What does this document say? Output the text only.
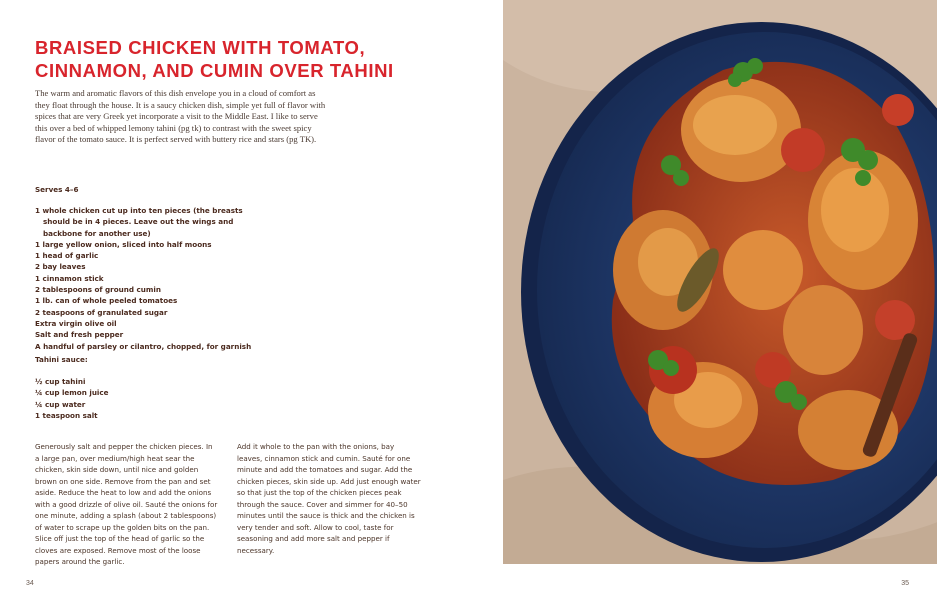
BRAISED CHICKEN WITH TOMATO,
CINNAMON, AND CUMIN OVER TAHINI

The warm and aromatic flavors of this dish envelope you in a cloud of comfort as they float through the house. It is a saucy chicken dish, simple yet full of flavor with spices that are very Greek yet incorporate a visit to the Middle East. I like to serve this over a bed of whipped lemony tahini (pg tk) to contrast with the sweet spicy flavor of the tomato sauce. It is perfect served with buttery rice and stars (pg TK).

Serves 4–6
1 whole chicken cut up into ten pieces (the breasts should be in 4 pieces. Leave out the wings and backbone for another use)
1 large yellow onion, sliced into half moons
1 head of garlic
2 bay leaves
1 cinnamon stick
2 tablespoons of ground cumin
1 lb. can of whole peeled tomatoes
2 teaspoons of granulated sugar
Extra virgin olive oil
Salt and fresh pepper
A handful of parsley or cilantro, chopped, for garnish
Tahini sauce:
½ cup tahini
¼ cup lemon juice
¼ cup water
1 teaspoon salt

Generously salt and pepper the chicken pieces. In a large pan, over medium/high heat sear the chicken, skin side down, until nice and golden brown on one side. Remove from the pan and set aside. Reduce the heat to low and add the onions with a good drizzle of olive oil. Sauté the onions for one minute, adding a splash (about 2 tablespoons) of water to scrape up the golden bits on the pan. Slice off just the top of the head of garlic so the cloves are exposed. Remove most of the loose papers around the garlic.

Add it whole to the pan with the onions, bay leaves, cinnamon stick and cumin. Sauté for one minute and add the tomatoes and sugar. Add the chicken pieces, skin side up. Add just enough water so that just the top of the chicken pieces peak through the sauce. Cover and simmer for 40–50 minutes until the sauce is thick and the chicken is very tender and soft. Allow to cool, taste for seasoning and add more salt and pepper if necessary.

34	35
